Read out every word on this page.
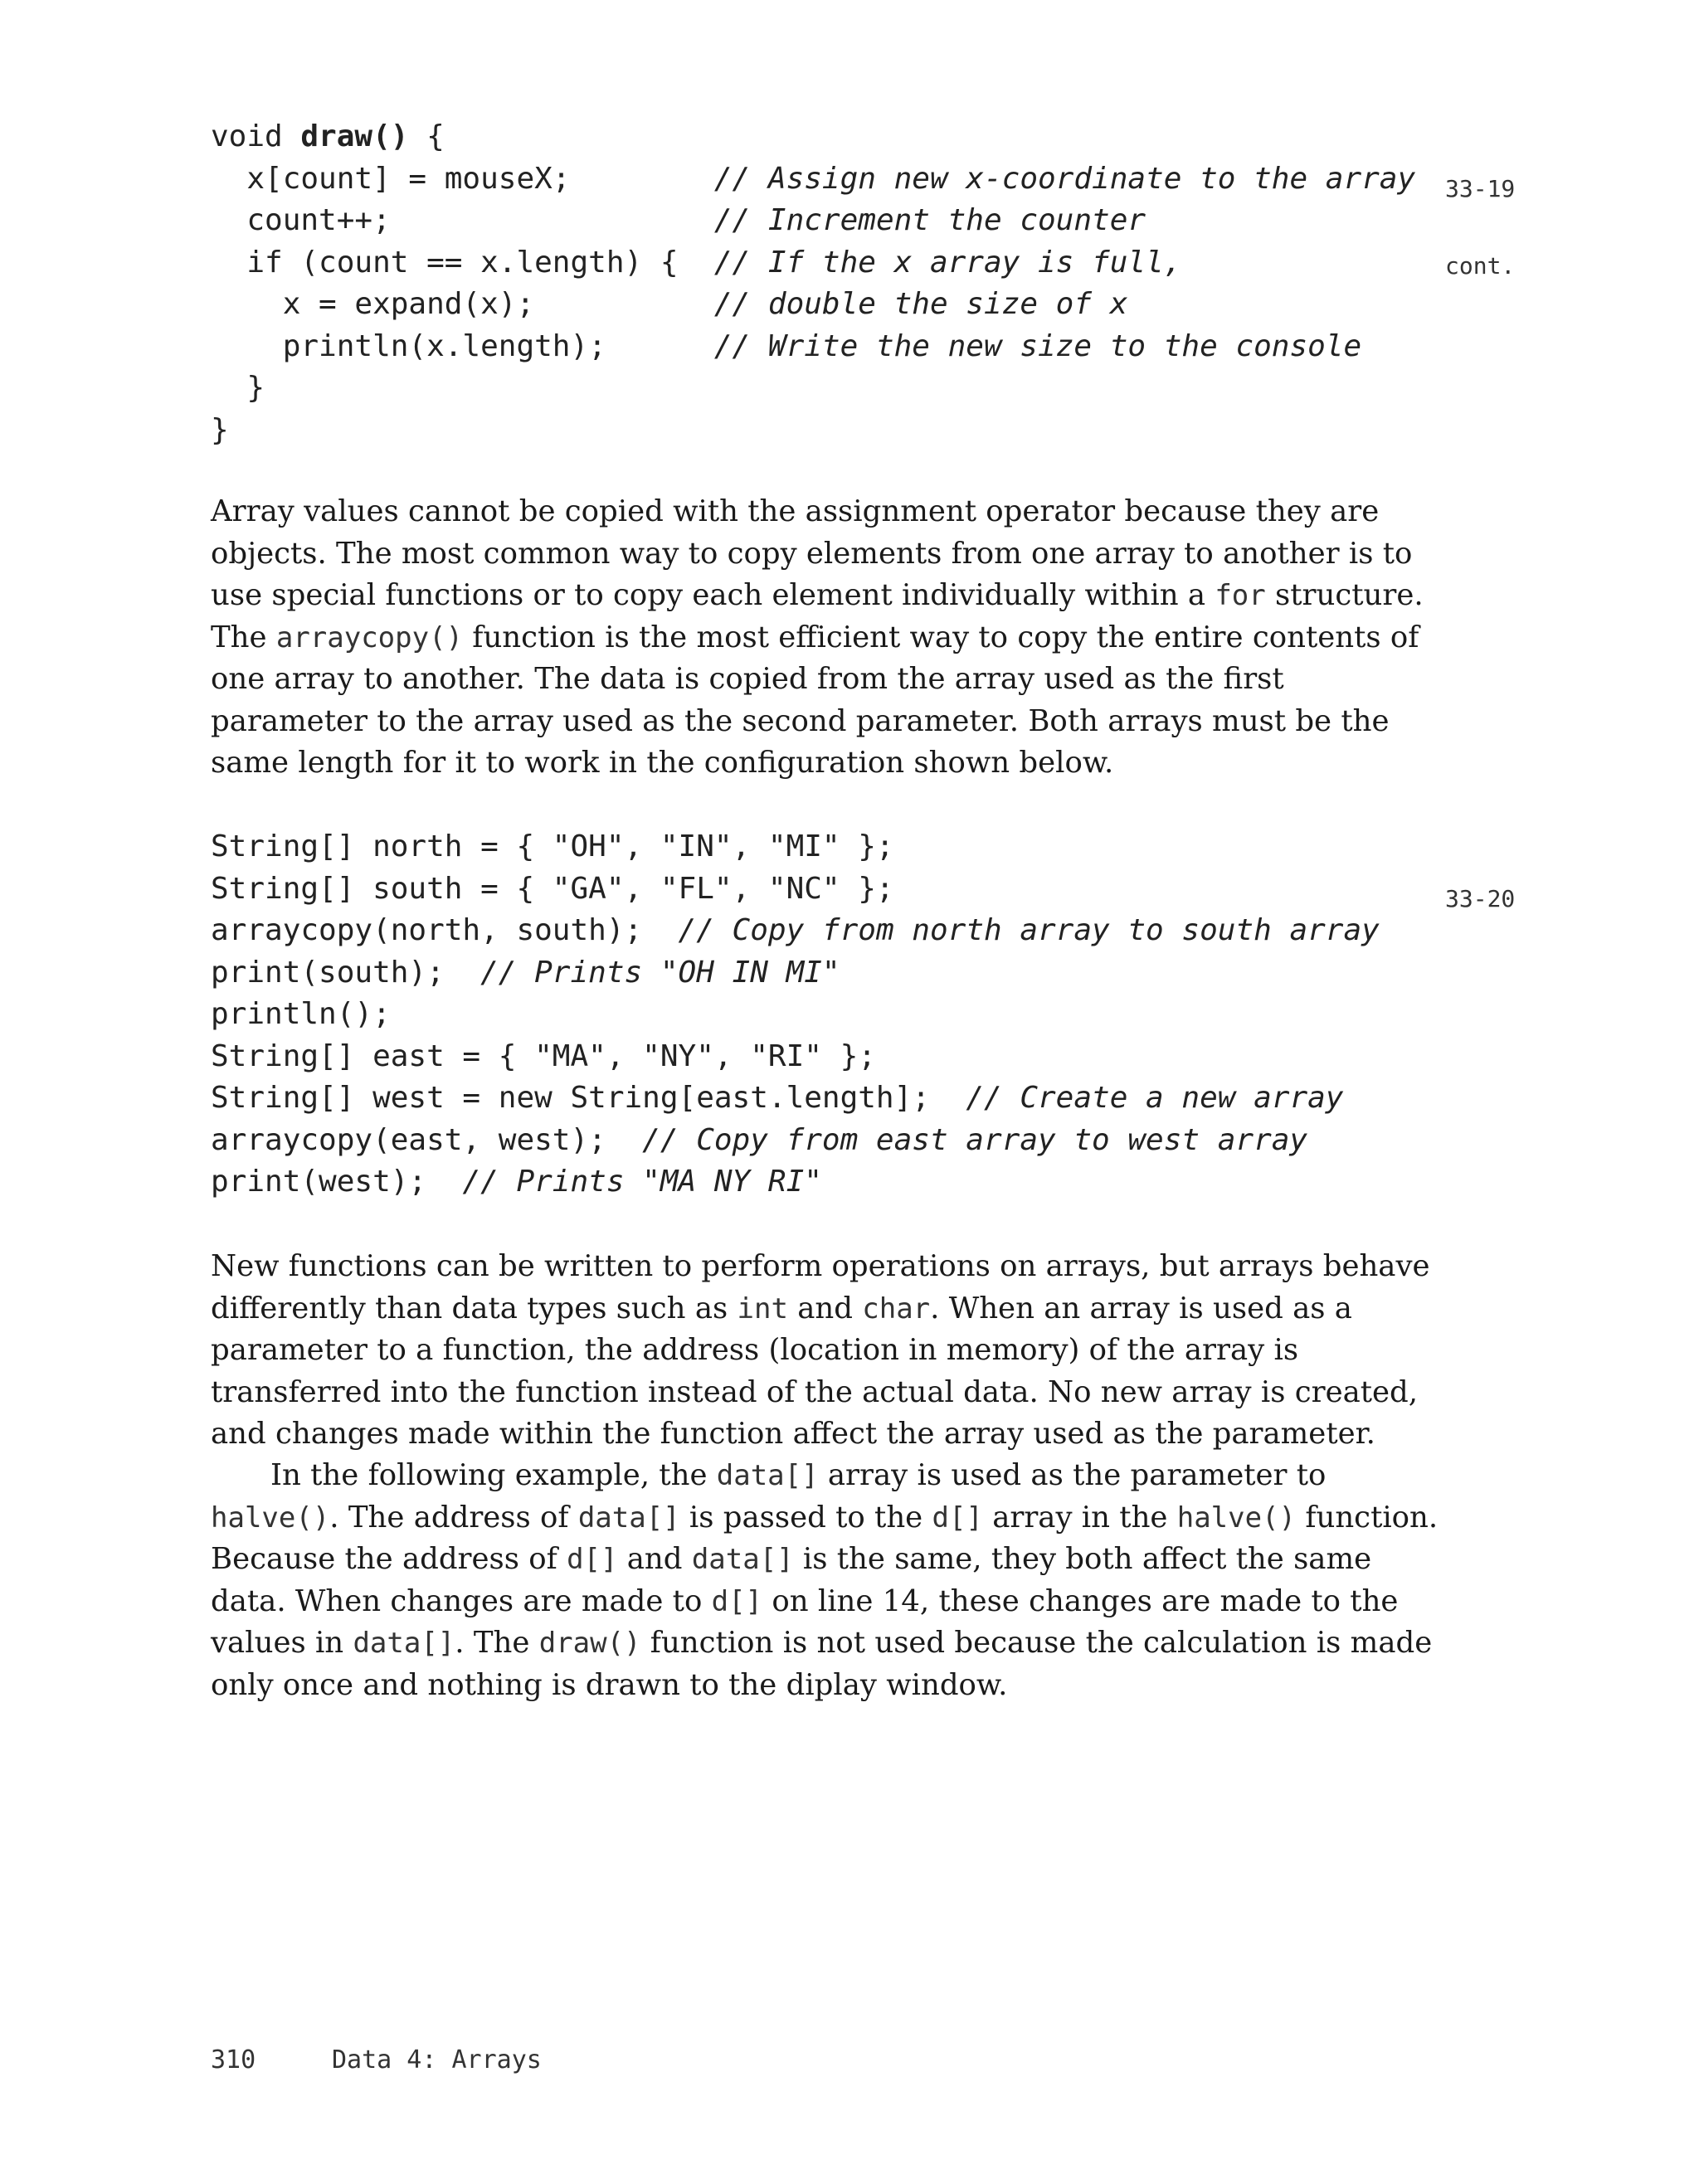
void draw() {
x[count] = mouseX;        // Assign new x-coordinate to the array
count++;                  // Increment the counter
if (count == x.length) {  // If the x array is full,
x = expand(x);          // double the size of x
println(x.length);      // Write the new size to the console
}
}

33-19

cont.

Array values cannot be copied with the assignment operator because they are objects. The most common way to copy elements from one array to another is to use special functions or to copy each element individually within a for structure. The arraycopy() function is the most efficient way to copy the entire contents of one array to another. The data is copied from the array used as the first parameter to the array used as the second parameter. Both arrays must be the same length for it to work in the configuration shown below.

String[] north = { "OH", "IN", "MI" };
String[] south = { "GA", "FL", "NC" };
arraycopy(north, south);  // Copy from north array to south array
print(south);  // Prints "OH IN MI"
println();
String[] east = { "MA", "NY", "RI" };
String[] west = new String[east.length];  // Create a new array
arraycopy(east, west);  // Copy from east array to west array
print(west);  // Prints "MA NY RI"

33-20

New functions can be written to perform operations on arrays, but arrays behave differently than data types such as int and char. When an array is used as a parameter to a function, the address (location in memory) of the array is transferred into the function instead of the actual data. No new array is created, and changes made within the function affect the array used as the parameter.

In the following example, the data[] array is used as the parameter to halve(). The address of data[] is passed to the d[] array in the halve() function. Because the address of d[] and data[] is the same, they both affect the same data. When changes are made to d[] on line 14, these changes are made to the values in data[]. The draw() function is not used because the calculation is made only once and nothing is drawn to the diplay window.

310	Data 4: Arrays
